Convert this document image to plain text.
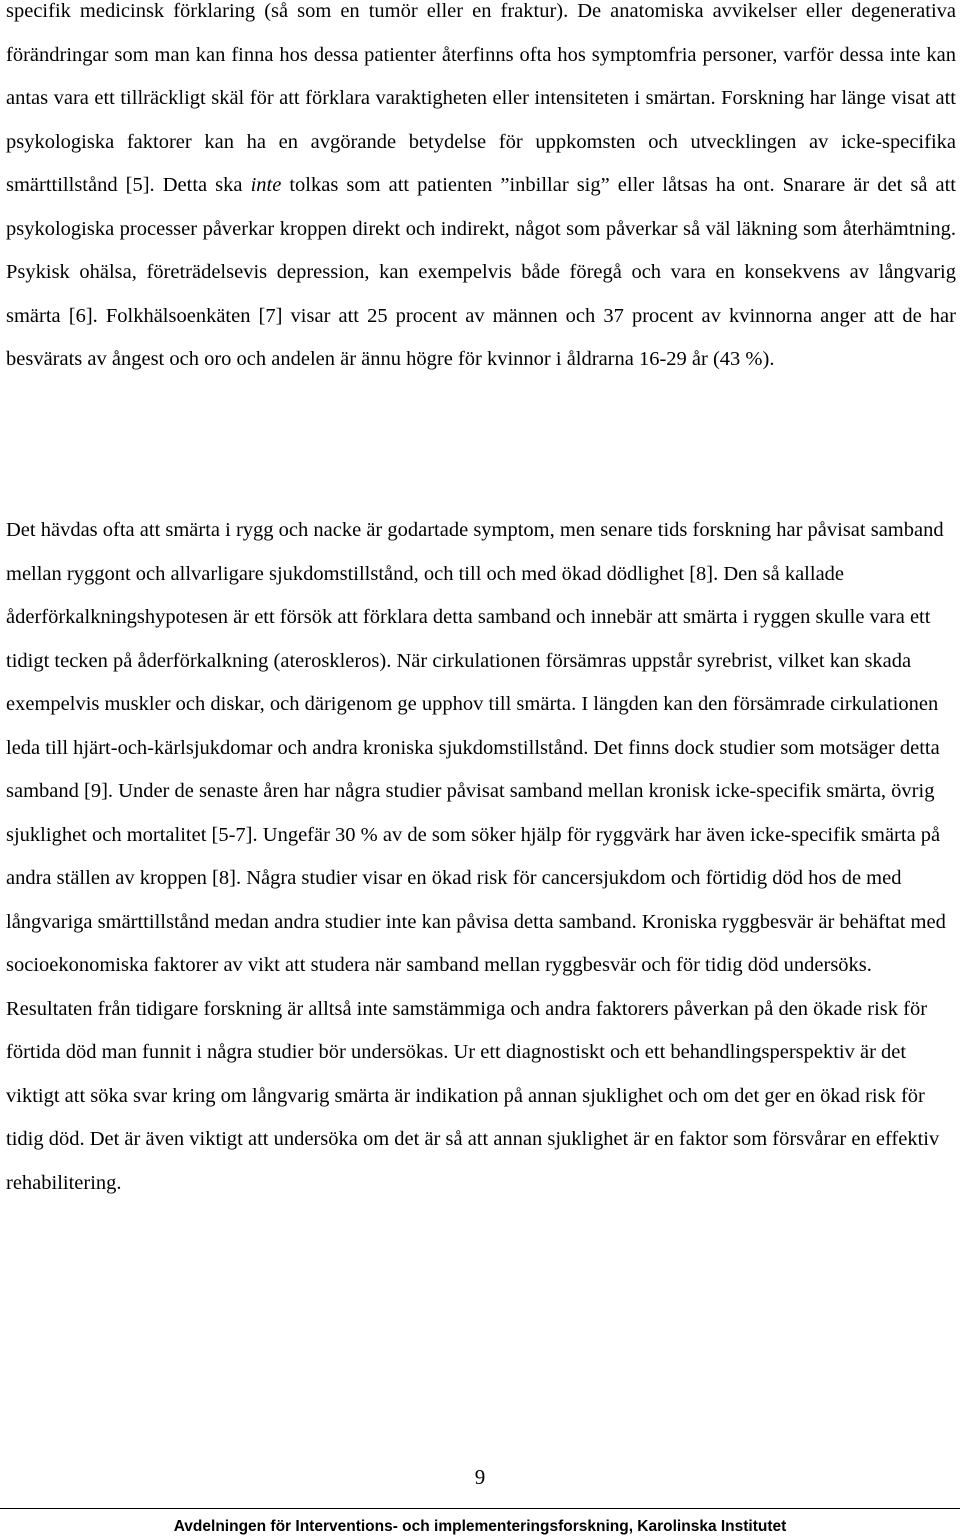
specifik medicinsk förklaring (så som en tumör eller en fraktur). De anatomiska avvikelser eller degenerativa förändringar som man kan finna hos dessa patienter återfinns ofta hos symptomfria personer, varför dessa inte kan antas vara ett tillräckligt skäl för att förklara varaktigheten eller intensiteten i smärtan. Forskning har länge visat att psykologiska faktorer kan ha en avgörande betydelse för uppkomsten och utvecklingen av icke-specifika smärttillstånd [5]. Detta ska inte tolkas som att patienten ”inbillar sig” eller låtsas ha ont. Snarare är det så att psykologiska processer påverkar kroppen direkt och indirekt, något som påverkar så väl läkning som återhämtning. Psykisk ohälsa, företrädelsevis depression, kan exempelvis både föregå och vara en konsekvens av långvarig smärta [6]. Folkhälsoenkäten [7] visar att 25 procent av männen och 37 procent av kvinnorna anger att de har besvärats av ångest och oro och andelen är ännu högre för kvinnor i åldrarna 16-29 år (43 %).

Det hävdas ofta att smärta i rygg och nacke är godartade symptom, men senare tids forskning har påvisat samband mellan ryggont och allvarligare sjukdomstillstånd, och till och med ökad dödlighet [8]. Den så kallade åderförkalkningshypotesen är ett försök att förklara detta samband och innebär att smärta i ryggen skulle vara ett tidigt tecken på åderförkalkning (ateroskleros). När cirkulationen försämras uppstår syrebrist, vilket kan skada exempelvis muskler och diskar, och därigenom ge upphov till smärta. I längden kan den försämrade cirkulationen leda till hjärt-och-kärlsjukdomar och andra kroniska sjukdomstillstånd. Det finns dock studier som motsäger detta samband [9]. Under de senaste åren har några studier påvisat samband mellan kronisk icke-specifik smärta, övrig sjuklighet och mortalitet [5-7]. Ungefär 30 % av de som söker hjälp för ryggvärk har även icke-specifik smärta på andra ställen av kroppen [8]. Några studier visar en ökad risk för cancersjukdom och förtidig död hos de med långvariga smärttillstånd medan andra studier inte kan påvisa detta samband. Kroniska ryggbesvär är behäftat med socioekonomiska faktorer av vikt att studera när samband mellan ryggbesvär och för tidig död undersöks. Resultaten från tidigare forskning är alltså inte samstämmiga och andra faktorers påverkan på den ökade risk för förtida död man funnit i några studier bör undersökas. Ur ett diagnostiskt och ett behandlingsperspektiv är det viktigt att söka svar kring om långvarig smärta är indikation på annan sjuklighet och om det ger en ökad risk för tidig död. Det är även viktigt att undersöka om det är så att annan sjuklighet är en faktor som försvårar en effektiv rehabilitering.

9
Avdelningen för Interventions- och implementeringsforskning, Karolinska Institutet
